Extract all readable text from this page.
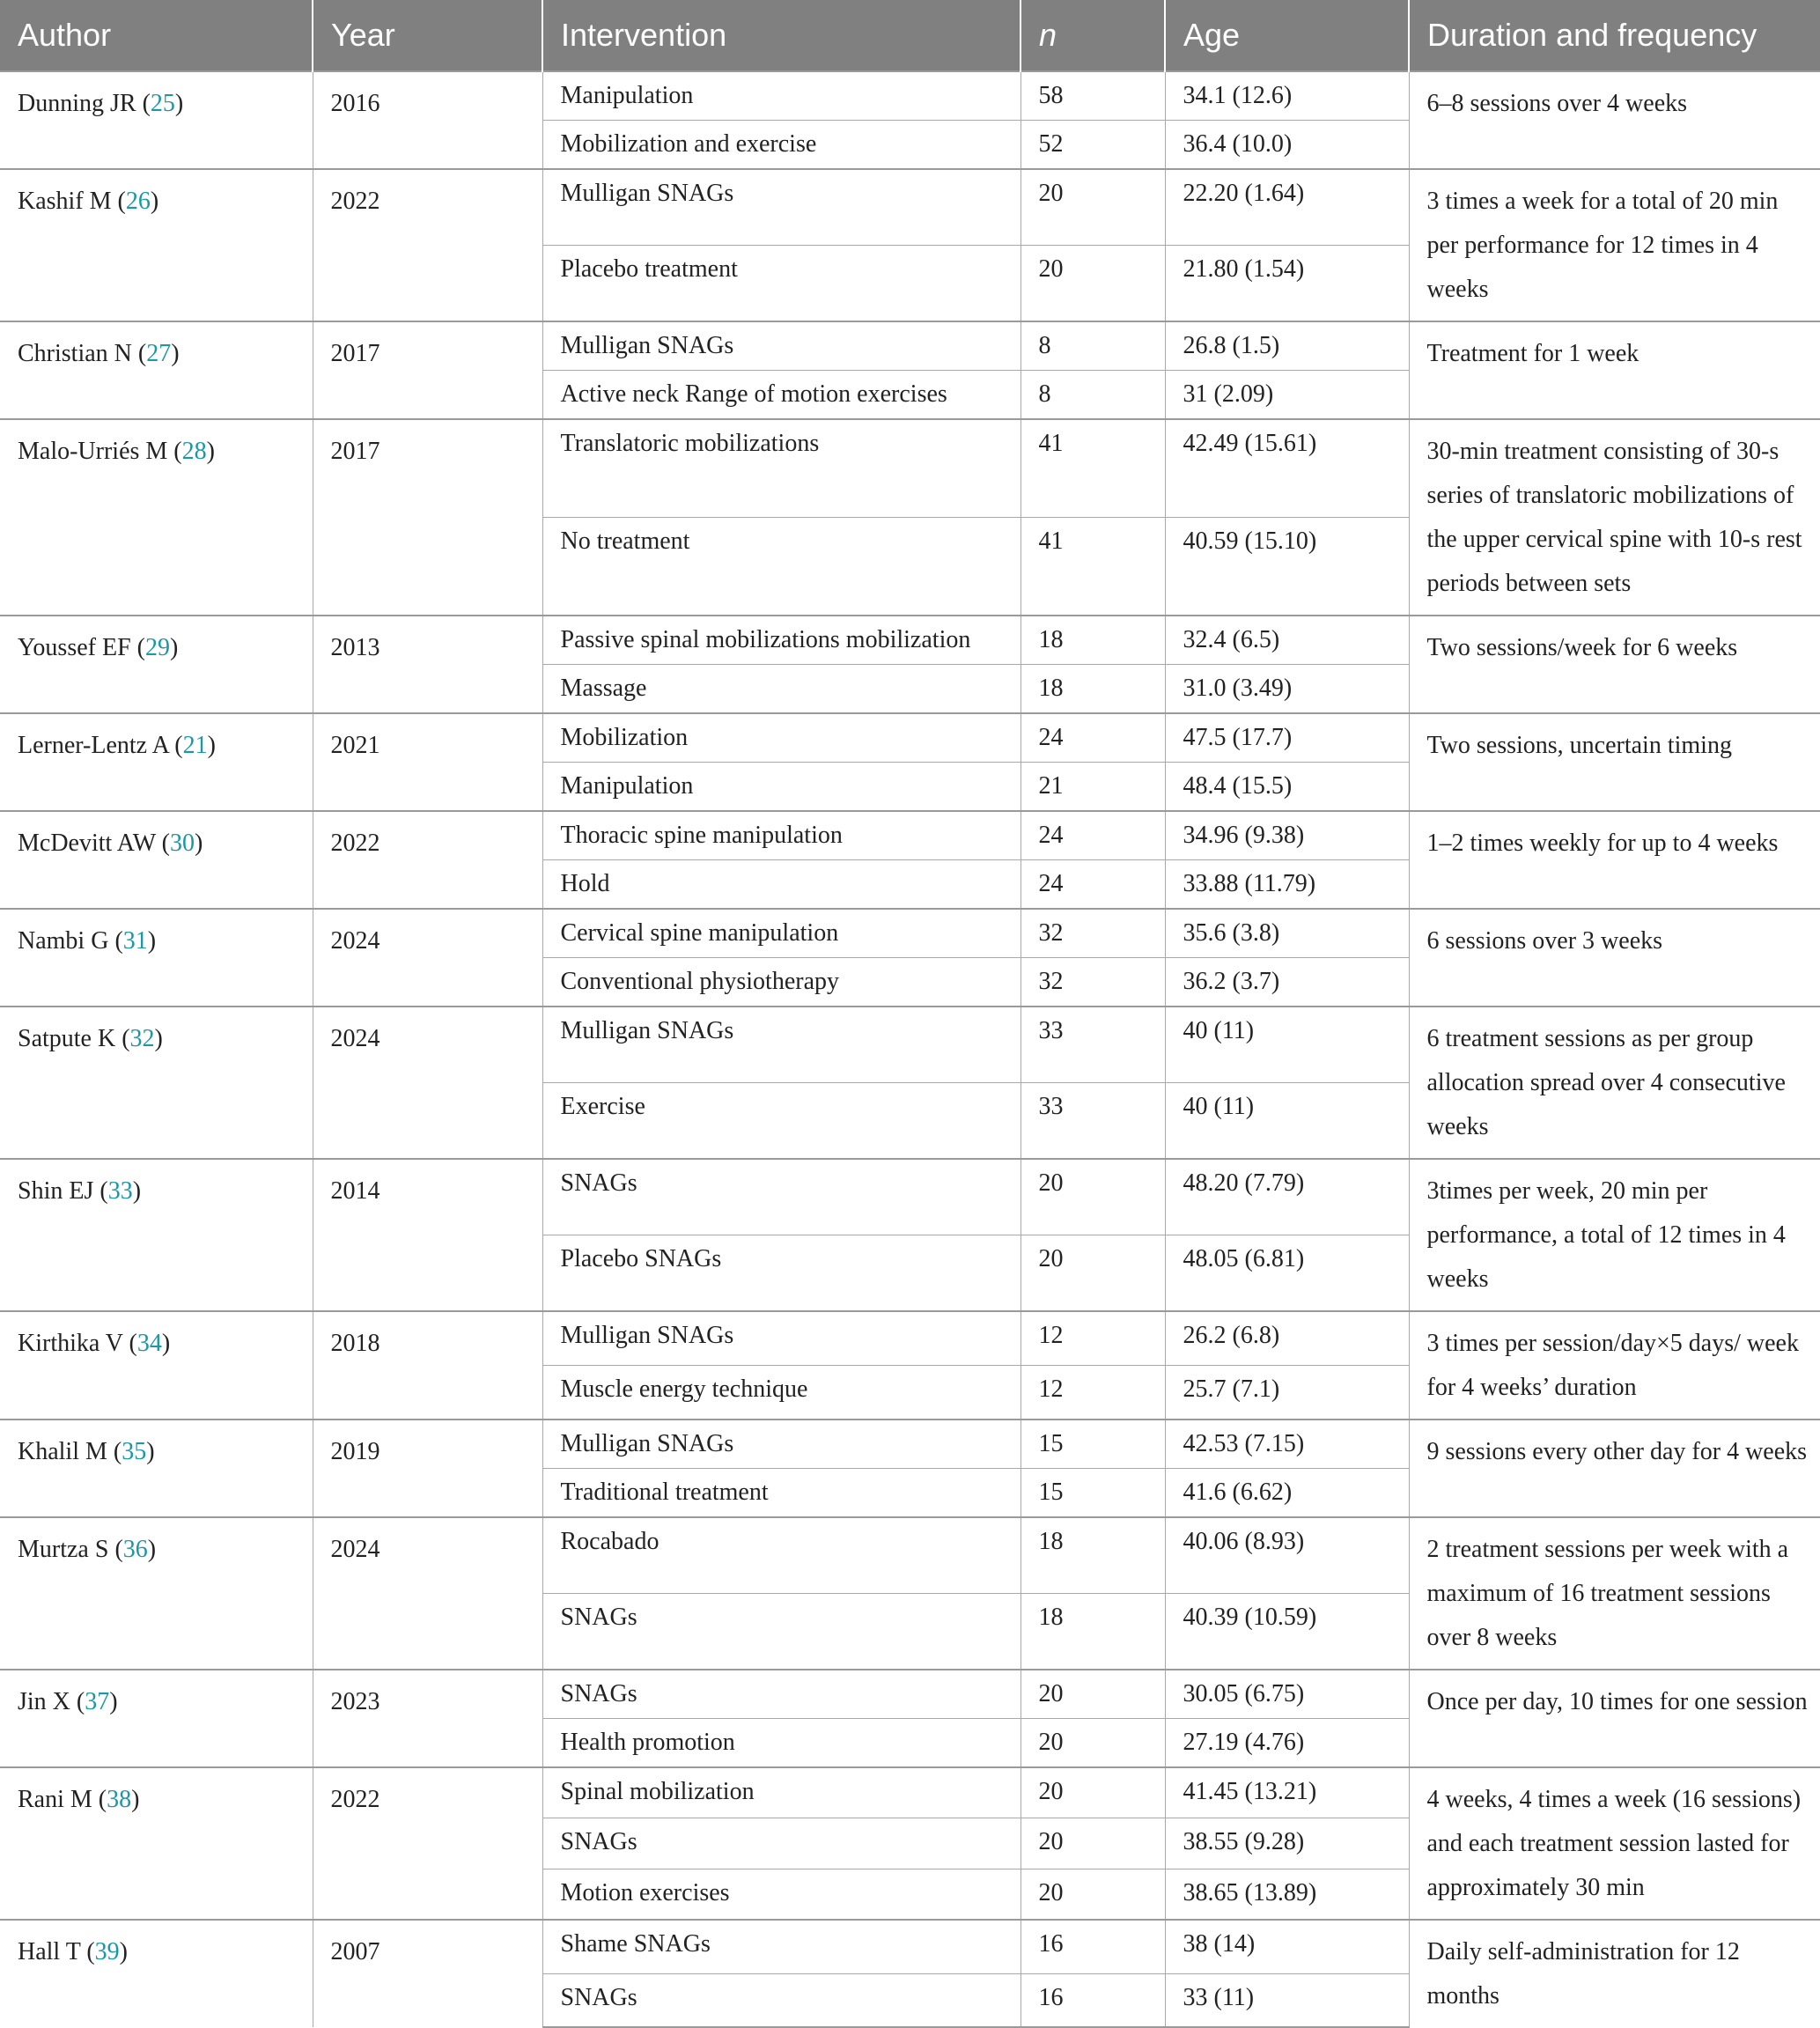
Author	Year	Intervention	n	Age	Duration and frequency
Dunning JR (25)	2016	Manipulation	58	34.1 (12.6)	6–8 sessions over 4 weeks

		Mobilization and exercise	52	36.4 (10.0)	

Kashif M (26)	2022	Mulligan SNAGs	20	22.20 (1.64)	3 times a week for a total of 20 min per performance for 12 times in 4 weeks

		Placebo treatment	20	21.80 (1.54)	

Christian N (27)	2017	Mulligan SNAGs	8	26.8 (1.5)	Treatment for 1 week

		Active neck Range of motion exercises	8	31 (2.09)	

Malo-Urriés M (28)	2017	Translatoric mobilizations	41	42.49 (15.61)	30-min treatment consisting of 30-s series of translatoric mobilizations of the upper cervical spine with 10-s rest periods between sets

		No treatment	41	40.59 (15.10)	

Youssef EF (29)	2013	Passive spinal mobilizations mobilization	18	32.4 (6.5)	Two sessions/week for 6 weeks

		Massage	18	31.0 (3.49)	

Lerner-Lentz A (21)	2021	Mobilization	24	47.5 (17.7)	Two sessions, uncertain timing

		Manipulation	21	48.4 (15.5)	

McDevitt AW (30)	2022	Thoracic spine manipulation	24	34.96 (9.38)	1–2 times weekly for up to 4 weeks

		Hold	24	33.88 (11.79)	

Nambi G (31)	2024	Cervical spine manipulation	32	35.6 (3.8)	6 sessions over 3 weeks

		Conventional physiotherapy	32	36.2 (3.7)	

Satpute K (32)	2024	Mulligan SNAGs	33	40 (11)	6 treatment sessions as per group allocation spread over 4 consecutive weeks

		Exercise	33	40 (11)	

Shin EJ (33)	2014	SNAGs	20	48.20 (7.79)	3times per week, 20 min per performance, a total of 12 times in 4 weeks

		Placebo SNAGs	20	48.05 (6.81)	

Kirthika V (34)	2018	Mulligan SNAGs	12	26.2 (6.8)	3 times per session/day×5 days/ week for 4 weeks’ duration

		Muscle energy technique	12	25.7 (7.1)	

Khalil M (35)	2019	Mulligan SNAGs	15	42.53 (7.15)	9 sessions every other day for 4 weeks

		Traditional treatment	15	41.6 (6.62)	

Murtza S (36)	2024	Rocabado	18	40.06 (8.93)	2 treatment sessions per week with a maximum of 16 treatment sessions over 8 weeks

		SNAGs	18	40.39 (10.59)	

Jin X (37)	2023	SNAGs	20	30.05 (6.75)	Once per day, 10 times for one session

		Health promotion	20	27.19 (4.76)	

Rani M (38)	2022	Spinal mobilization	20	41.45 (13.21)	4 weeks, 4 times a week (16 sessions) and each treatment session lasted for approximately 30 min

		SNAGs	20	38.55 (9.28)	

		Motion exercises	20	38.65 (13.89)	

Hall T (39)	2007	Shame SNAGs	16	38 (14)	Daily self-administration for 12 months

		SNAGs	16	33 (11)	
